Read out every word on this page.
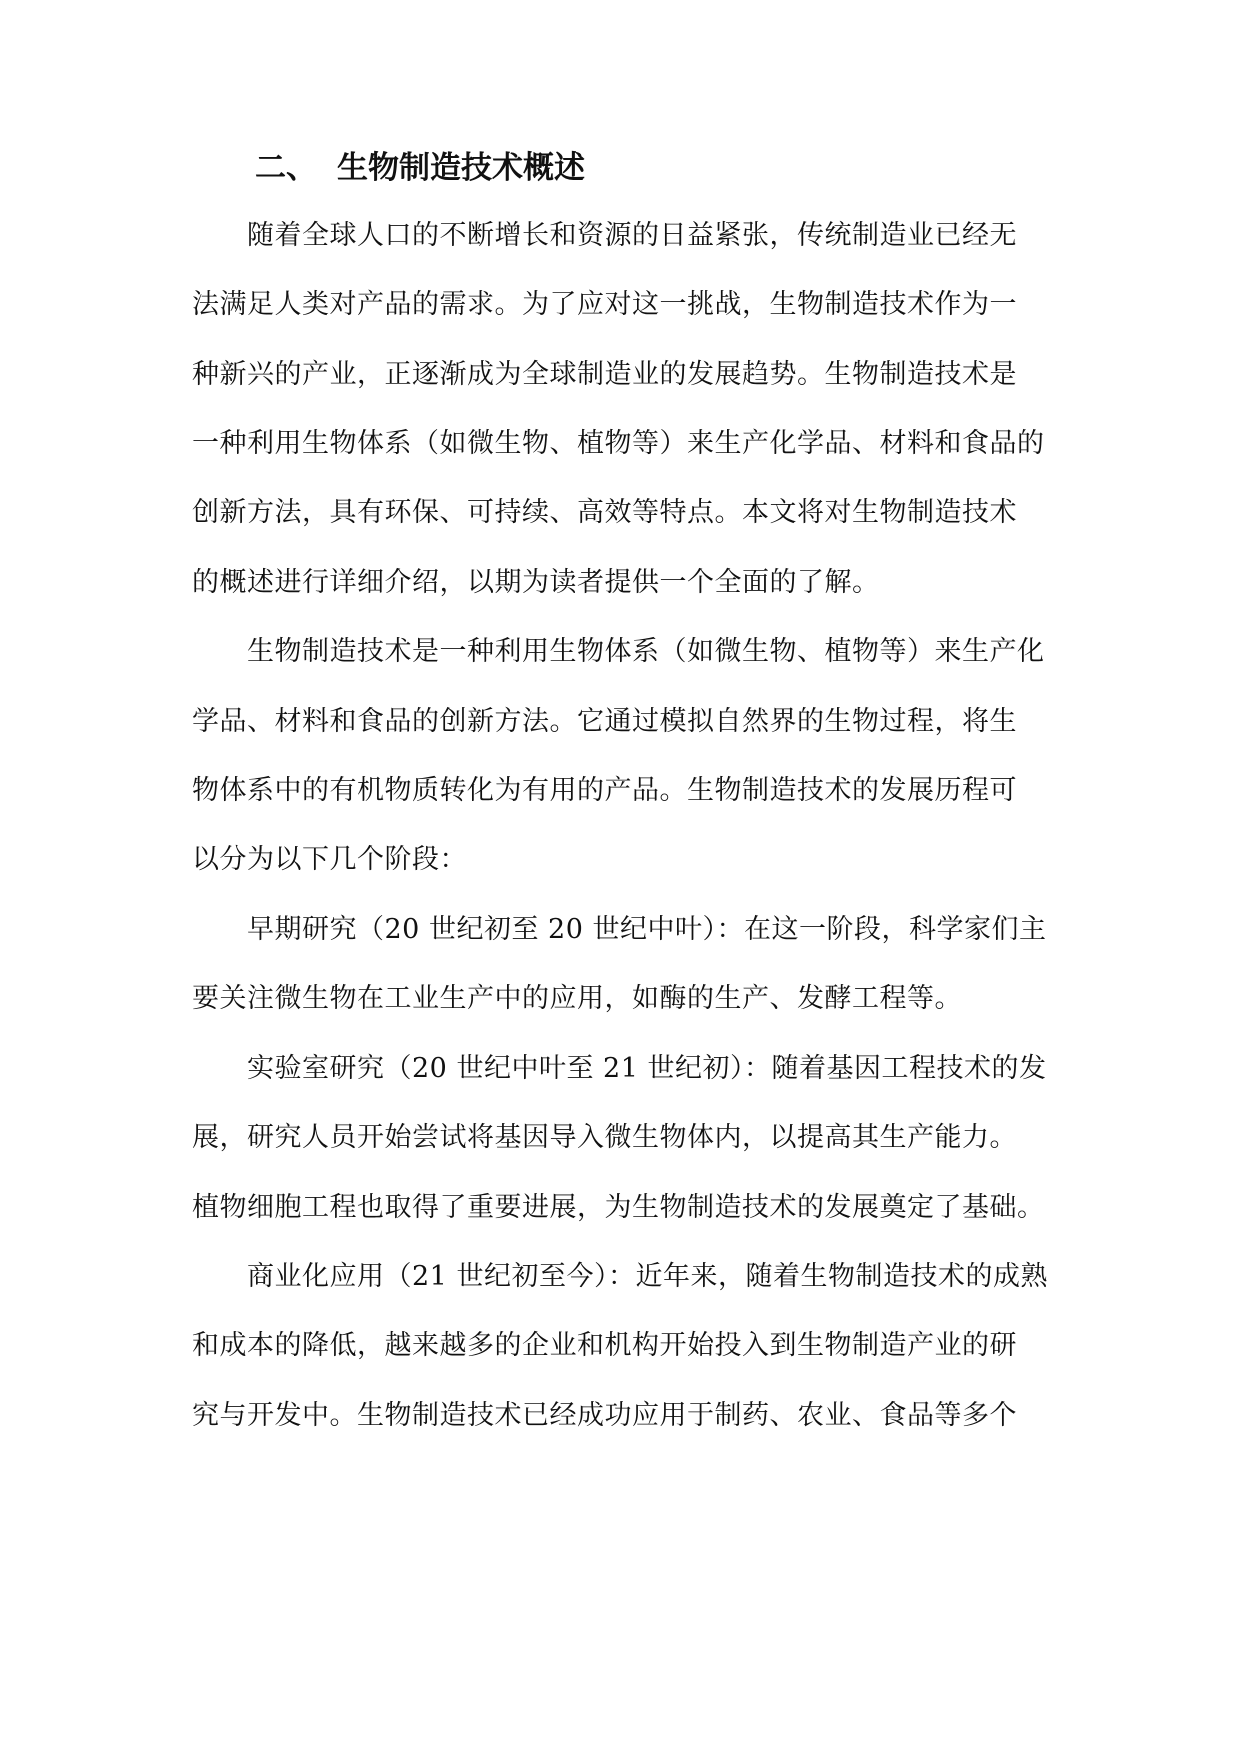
二、 生物制造技术概述
随着全球人口的不断增长和资源的日益紧张，传统制造业已经无
法满足人类对产品的需求。为了应对这一挑战，生物制造技术作为一
种新兴的产业，正逐渐成为全球制造业的发展趋势。生物制造技术是
一种利用生物体系（如微生物、植物等）来生产化学品、材料和食品的
创新方法，具有环保、可持续、高效等特点。本文将对生物制造技术
的概述进行详细介绍，以期为读者提供一个全面的了解。
生物制造技术是一种利用生物体系（如微生物、植物等）来生产化
学品、材料和食品的创新方法。它通过模拟自然界的生物过程，将生
物体系中的有机物质转化为有用的产品。生物制造技术的发展历程可
以分为以下几个阶段：
早期研究（20 世纪初至 20 世纪中叶）：在这一阶段，科学家们主
要关注微生物在工业生产中的应用，如酶的生产、发酵工程等。
实验室研究（20 世纪中叶至 21 世纪初）：随着基因工程技术的发
展，研究人员开始尝试将基因导入微生物体内，以提高其生产能力。
植物细胞工程也取得了重要进展，为生物制造技术的发展奠定了基础。
商业化应用（21 世纪初至今）：近年来，随着生物制造技术的成熟
和成本的降低，越来越多的企业和机构开始投入到生物制造产业的研
究与开发中。生物制造技术已经成功应用于制药、农业、食品等多个
